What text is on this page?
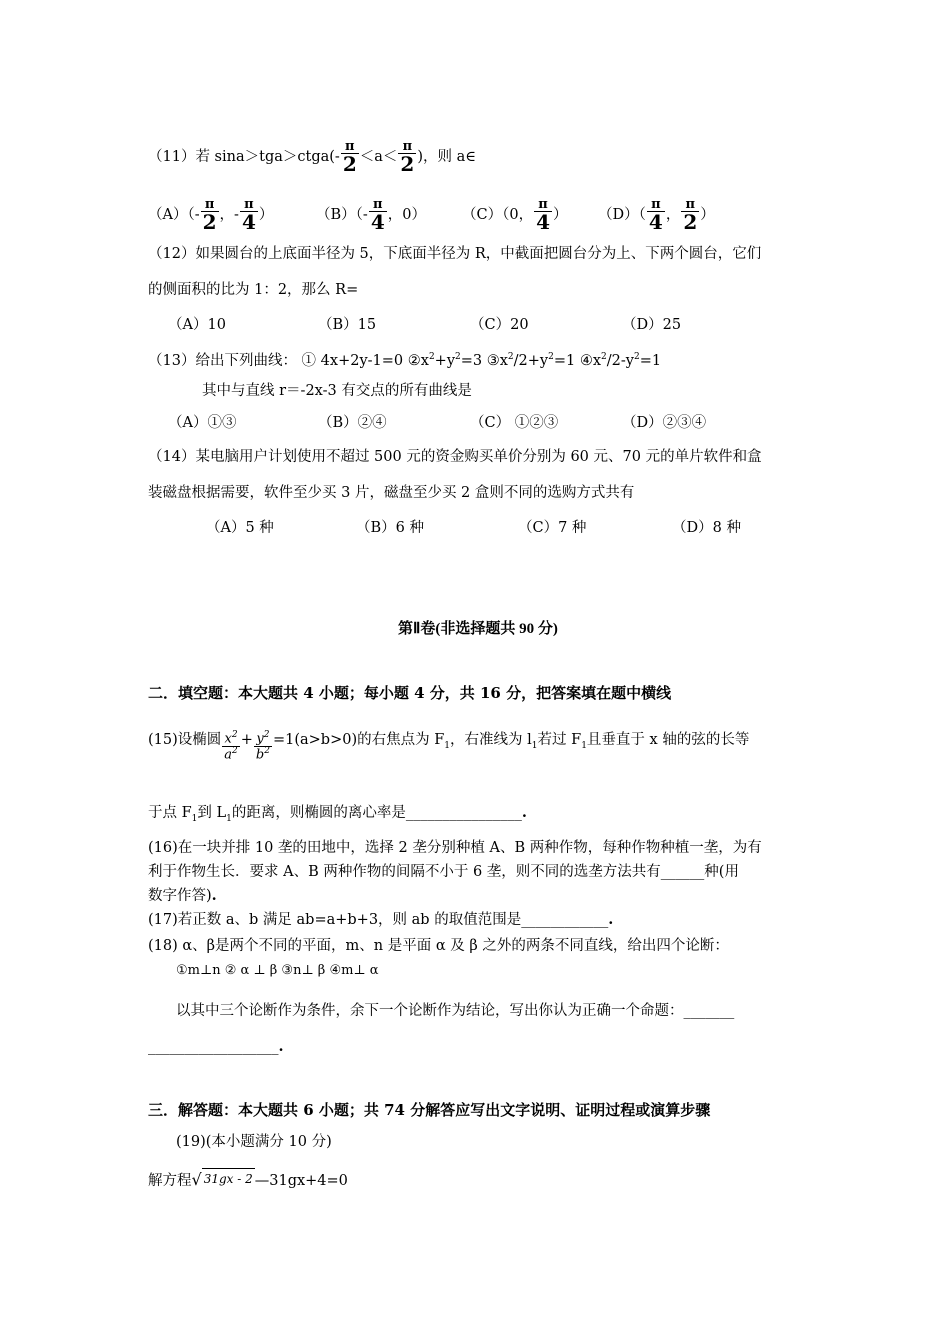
（11）若 sina＞tga＞ctga(- $\frac{\pi}{2} <a< \frac{\pi}{2}$ )，则 a∈
$(A)(- \frac{\pi}{2}$ ，- $\frac{\pi}{4}$ ）	$(B)(- \frac{\pi}{4}$ ，0） （C）（0， $\frac{\pi}{4}$ ） $(D)( \frac{\pi}{4}$ ， $\frac{\pi}{2}$ ）
（12）如果圆台的上底面半径为 5，下底面半径为 R，中截面把圆台分为上、下两个圆台，它们
的侧面积的比为 1：2，那么 R=
（A）10	（B）15	（C）20	（D）25
（13）给出下列曲线： ① 4x+2y-1=0 $②x^2+y^2=3$ $③x^2/2+y^2=1$ $④x^2/2-y^2=1$
其中与直线 r＝-2x-3 有交点的所有曲线是
（A）①③	（B）②④	（C） ①②③	（D）②③④
（14）某电脑用户计划使用不超过 500 元的资金购买单价分别为 60 元、70 元的单片软件和盒
装磁盘根据需要，软件至少买 3 片，磁盘至少买 2 盒则不同的选购方式共有
（A）5 种	（B）6 种	（C）7 种	（D）8 种
第Ⅱ卷(非选择题共 90 分)
二．填空题：本大题共 4 小题；每小题 4 分，共 16 分，把答案填在题中横线
(15)设椭圆 $\frac{x^2}{a^2} + \frac{y^2}{b^2} =1(a>b>0)$的右焦点为 $F_1$，右准线为 $l_1$若过 $F_1$且垂直于 x 轴的弦的长等
于点 $F_1$到 $L_1$的距离，则椭圆的离心率是________________.
(16)在一块并排 10 垄的田地中，选择 2 垄分别种植 A、B 两种作物，每种作物种植一垄，为有
利于作物生长．要求 A、B 两种作物的间隔不小于 6 垄，则不同的选垄方法共有______种(用
数字作答).
(17)若正数 a、b 满足 ab=a+b+3，则 ab 的取值范围是____________.
(18) α、β是两个不同的平面，m、n 是平面 α 及 β 之外的两条不同直线，给出四个论断：
①m⊥n ② α ⊥ β ③n⊥ β ④m⊥ α
以其中三个论断作为条件，余下一个论断作为结论，写出你认为正确一个命题：_______
__________________.
三．解答题：本大题共 6 小题；共 74 分解答应写出文字说明、证明过程或演算步骤
(19)(本小题满分 10 分)
解方程√ 31gx - 2 —31gx+4=0
